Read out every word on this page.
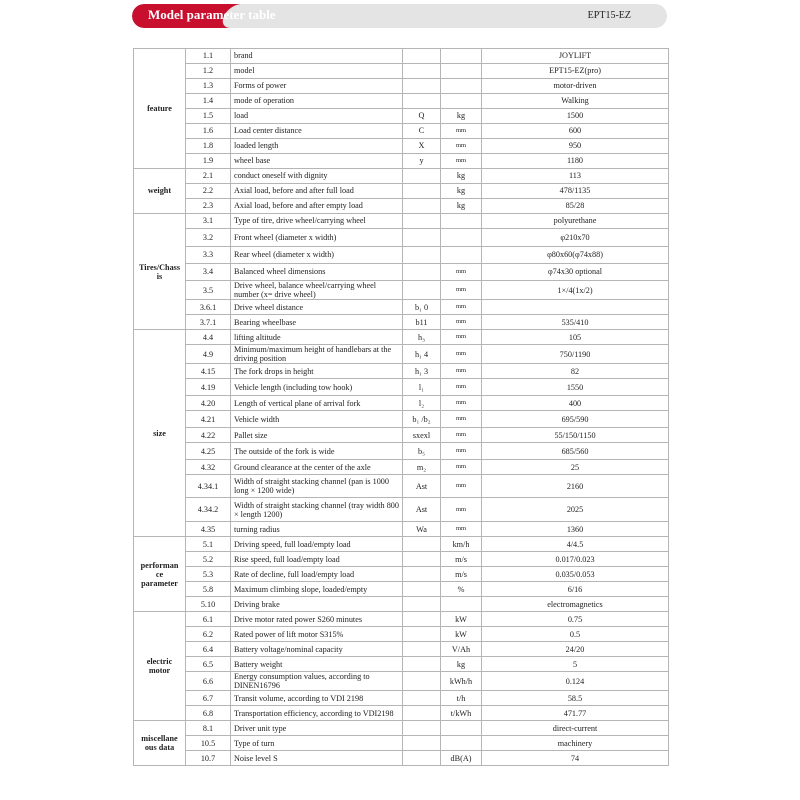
Model parameter table	EPT15-EZ
feature	1.1	brand			JOYLIFT
	1.2	model			EPT15-EZ(pro)
	1.3	Forms of power			motor-driven
	1.4	mode of operation			Walking
	1.5	load	Q	kg	1500
	1.6	Load center distance	C	mm	600
	1.8	loaded length	X	mm	950
	1.9	wheel base	y	mm	1180
weight	2.1	conduct oneself with dignity		kg	113
	2.2	Axial load, before and after full load		kg	478/1135
	2.3	Axial load, before and after empty load		kg	85/28
Tires/Chass
is	3.1	Type of tire, drive wheel/carrying wheel			polyurethane
	3.2	Front wheel (diameter x width)			φ210x70
	3.3	Rear wheel (diameter x width)			φ80x60(φ74x88)
	3.4	Balanced wheel dimensions		mm	φ74x30 optional
	3.5	Drive wheel, balance wheel/carrying wheel number (x= drive wheel)		mm	1×/4(1x/2)
	3.6.1	Drive wheel distance	b₁ 0	mm	
	3.7.1	Bearing wheelbase	b11	mm	535/410
size	4.4	lifting altitude	h₃	mm	105
	4.9	Minimum/maximum height of handlebars at the driving position	h₁ 4	mm	750/1190
	4.15	The fork drops in height	h₁ 3	mm	82
	4.19	Vehicle length (including tow hook)	l₁	mm	1550
	4.20	Length of vertical plane of arrival fork	l₂	mm	400
	4.21	Vehicle width	b₁ /b₂	mm	695/590
	4.22	Pallet size	sxexl	mm	55/150/1150
	4.25	The outside of the fork is wide	b₅	mm	685/560
	4.32	Ground clearance at the center of the axle	m₂	mm	25
	4.34.1	Width of straight stacking channel (pan is 1000 long × 1200 wide)	Ast	mm	2160
	4.34.2	Width of straight stacking channel (tray width 800 × length 1200)	Ast	mm	2025
	4.35	turning radius	Wa	mm	1360
performan
ce parameter	5.1	Driving speed, full load/empty load		km/h	4/4.5
	5.2	Rise speed, full load/empty load		m/s	0.017/0.023
	5.3	Rate of decline, full load/empty load		m/s	0.035/0.053
	5.8	Maximum climbing slope, loaded/empty		%	6/16
	5.10	Driving brake			electromagnetics
electric
motor	6.1	Drive motor rated power S260 minutes		kW	0.75
	6.2	Rated power of lift motor S315%		kW	0.5
	6.4	Battery voltage/nominal capacity		V/Ah	24/20
	6.5	Battery weight		kg	5
	6.6	Energy consumption values, according to DINEN16796		kWh/h	0.124
	6.7	Transit volume, according to VDI 2198		t/h	58.5
	6.8	Transportation efficiency, according to VDI2198		t/kWh	471.77
miscellane
ous data	8.1	Driver unit type			direct-current
	10.5	Type of turn			machinery
	10.7	Noise level S		dB(A)	74
